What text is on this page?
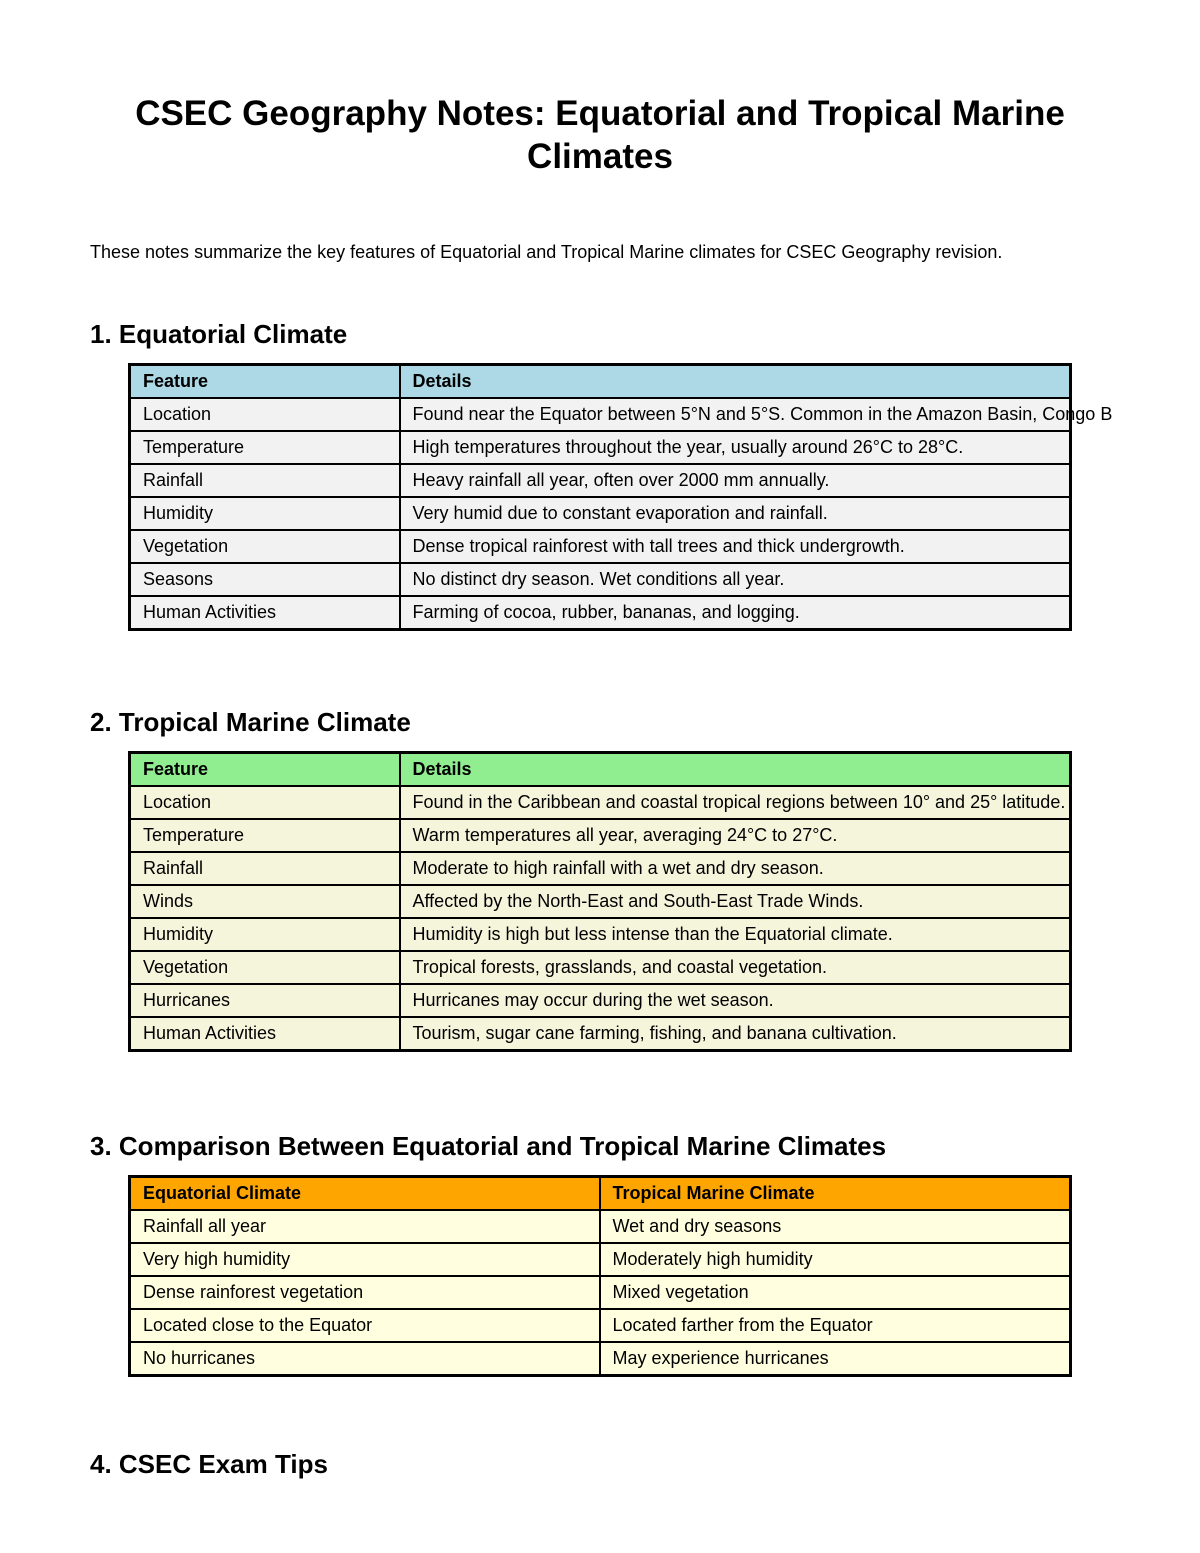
CSEC Geography Notes: Equatorial and Tropical Marine Climates

These notes summarize the key features of Equatorial and Tropical Marine climates for CSEC Geography revision.

1. Equatorial Climate
Feature	Details
Location	Found near the Equator between 5°N and 5°S. Common in the Amazon Basin, Congo B
Temperature	High temperatures throughout the year, usually around 26°C to 28°C.
Rainfall	Heavy rainfall all year, often over 2000 mm annually.
Humidity	Very humid due to constant evaporation and rainfall.
Vegetation	Dense tropical rainforest with tall trees and thick undergrowth.
Seasons	No distinct dry season. Wet conditions all year.
Human Activities	Farming of cocoa, rubber, bananas, and logging.
2. Tropical Marine Climate
Feature	Details
Location	Found in the Caribbean and coastal tropical regions between 10° and 25° latitude.
Temperature	Warm temperatures all year, averaging 24°C to 27°C.
Rainfall	Moderate to high rainfall with a wet and dry season.
Winds	Affected by the North-East and South-East Trade Winds.
Humidity	Humidity is high but less intense than the Equatorial climate.
Vegetation	Tropical forests, grasslands, and coastal vegetation.
Hurricanes	Hurricanes may occur during the wet season.
Human Activities	Tourism, sugar cane farming, fishing, and banana cultivation.
3. Comparison Between Equatorial and Tropical Marine Climates
Equatorial Climate	Tropical Marine Climate
Rainfall all year	Wet and dry seasons
Very high humidity	Moderately high humidity
Dense rainforest vegetation	Mixed vegetation
Located close to the Equator	Located farther from the Equator
No hurricanes	May experience hurricanes
4. CSEC Exam Tips
